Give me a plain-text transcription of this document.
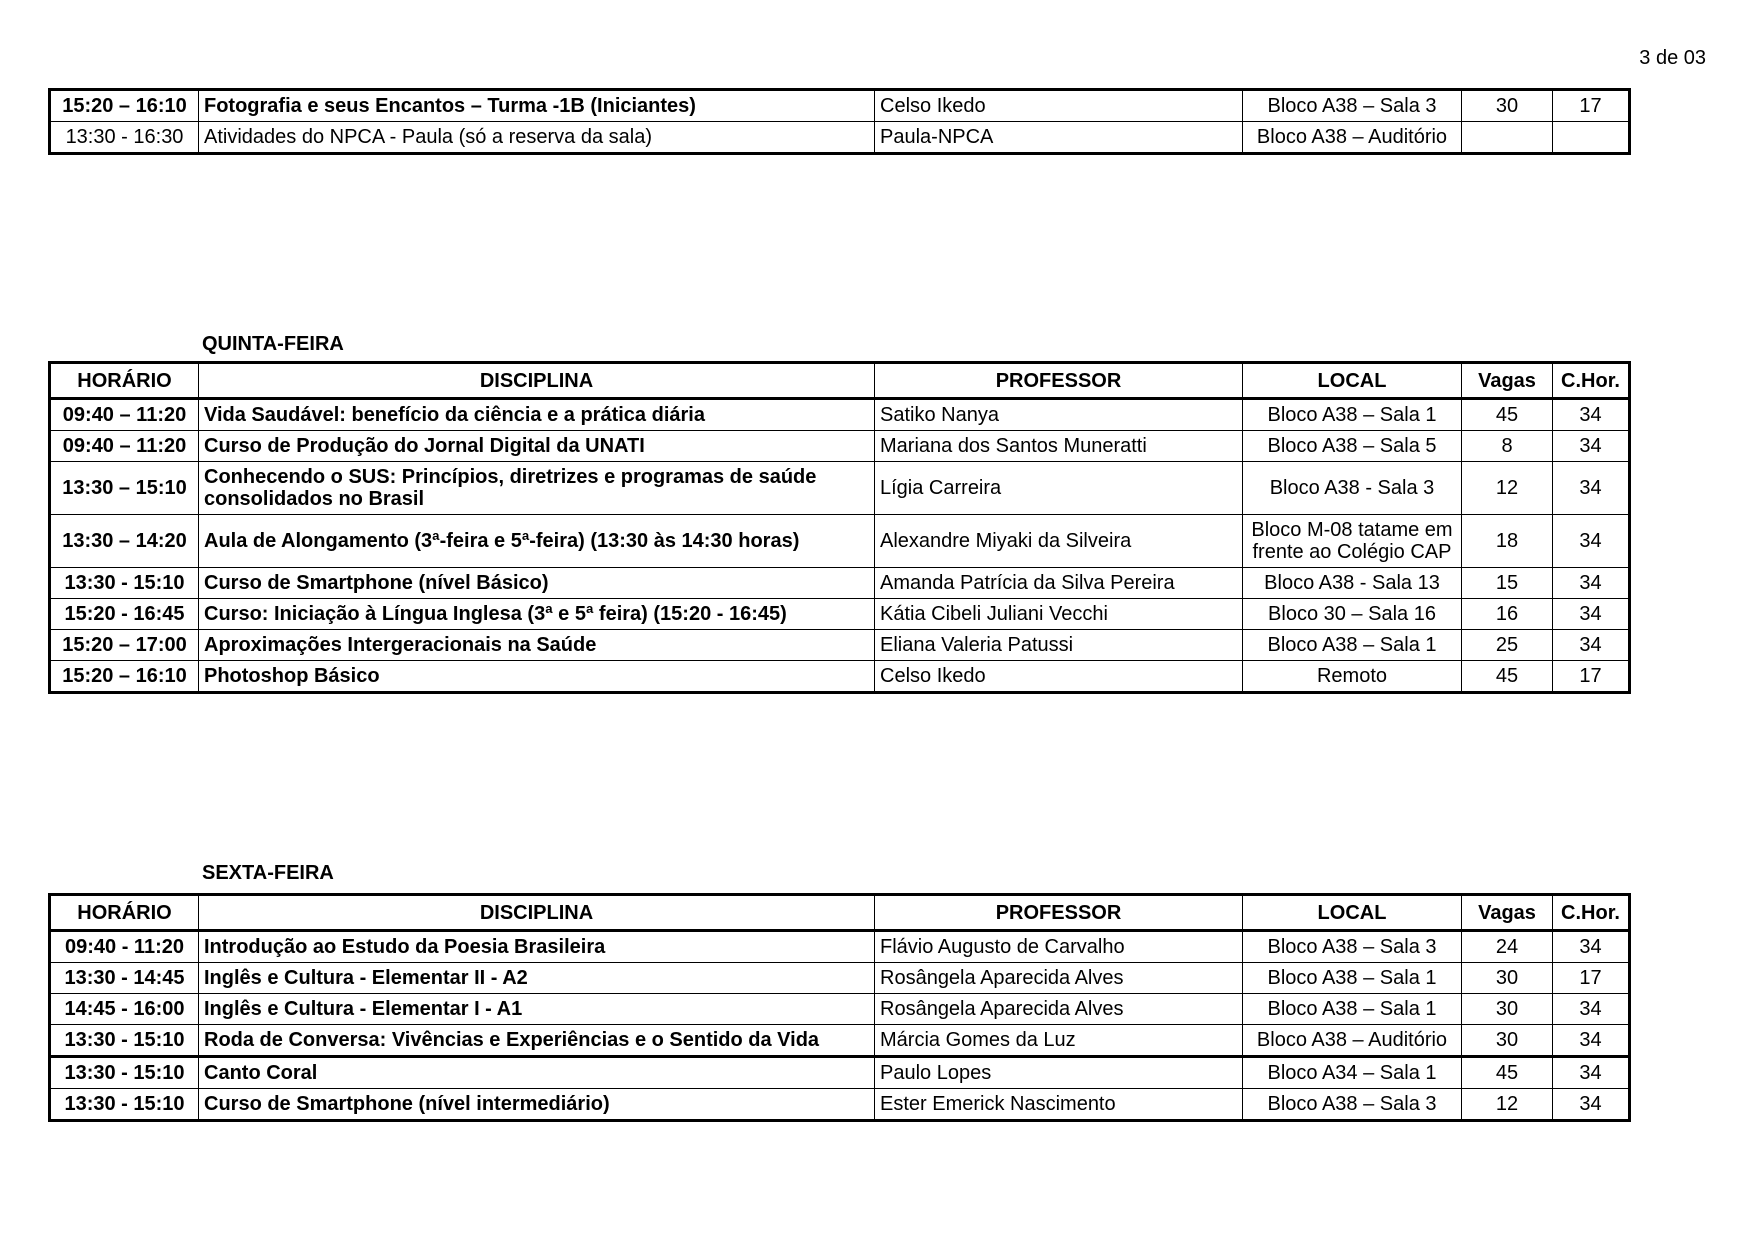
3 de 03
15:20 – 16:10	Fotografia e seus Encantos – Turma -1B (Iniciantes)	Celso Ikedo	Bloco A38 – Sala 3	30	17
13:30 - 16:30	Atividades do NPCA - Paula (só a reserva da sala)	Paula-NPCA	Bloco A38 – Auditório		
QUINTA-FEIRA
HORÁRIO	DISCIPLINA	PROFESSOR	LOCAL	Vagas	C.Hor.
09:40 – 11:20	Vida Saudável: benefício da ciência e a prática diária	Satiko Nanya	Bloco A38 – Sala 1	45	34
09:40 – 11:20	Curso de Produção do Jornal Digital da UNATI	Mariana dos Santos Muneratti	Bloco A38 – Sala 5	8	34
13:30 – 15:10	Conhecendo o SUS: Princípios, diretrizes e programas de saúde consolidados no Brasil	Lígia Carreira	Bloco A38 - Sala 3	12	34
13:30 – 14:20	Aula de Alongamento (3ª-feira e 5ª-feira) (13:30 às 14:30 horas)	Alexandre Miyaki da Silveira	Bloco M-08 tatame em frente ao Colégio CAP	18	34
13:30 - 15:10	Curso de Smartphone (nível Básico)	Amanda Patrícia da Silva Pereira	Bloco A38 - Sala 13	15	34
15:20 - 16:45	Curso: Iniciação à Língua Inglesa (3ª e 5ª feira) (15:20 - 16:45)	Kátia Cibeli Juliani Vecchi	Bloco 30 – Sala 16	16	34
15:20 – 17:00	Aproximações Intergeracionais na Saúde	Eliana Valeria Patussi	Bloco A38 – Sala 1	25	34
15:20 – 16:10	Photoshop Básico	Celso Ikedo	Remoto	45	17
SEXTA-FEIRA
HORÁRIO	DISCIPLINA	PROFESSOR	LOCAL	Vagas	C.Hor.
09:40 - 11:20	Introdução ao Estudo da Poesia Brasileira	Flávio Augusto de Carvalho	Bloco A38 – Sala 3	24	34
13:30 - 14:45	Inglês e Cultura - Elementar II - A2	Rosângela Aparecida Alves	Bloco A38 – Sala 1	30	17
14:45 - 16:00	Inglês e Cultura - Elementar I - A1	Rosângela Aparecida Alves	Bloco A38 – Sala 1	30	34
13:30 - 15:10	Roda de Conversa: Vivências e Experiências e o Sentido da Vida	Márcia Gomes da Luz	Bloco A38 – Auditório	30	34
13:30 - 15:10	Canto Coral	Paulo Lopes	Bloco A34 – Sala 1	45	34
13:30 - 15:10	Curso de Smartphone (nível intermediário)	Ester Emerick Nascimento	Bloco A38 – Sala 3	12	34
